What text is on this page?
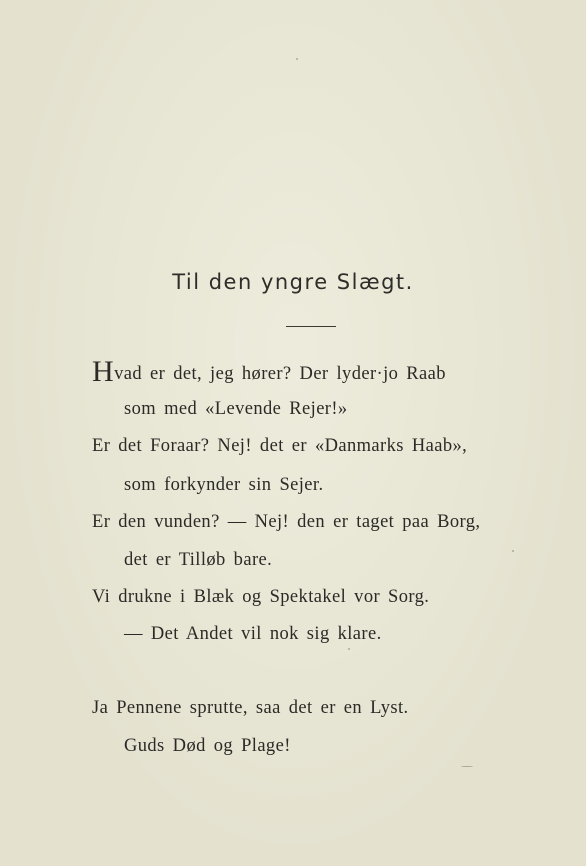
Til den yngre Slægt.
Hvad er det, jeg hører? Der lyder·jo Raab
som med «Levende Rejer!»
Er det Foraar? Nej! det er «Danmarks Haab»,
som forkynder sin Sejer.
Er den vunden? — Nej! den er taget paa Borg,
det er Tilløb bare.
Vi drukne i Blæk og Spektakel vor Sorg.
— Det Andet vil nok sig klare.
Ja Pennene sprutte, saa det er en Lyst.
Guds Død og Plage!
